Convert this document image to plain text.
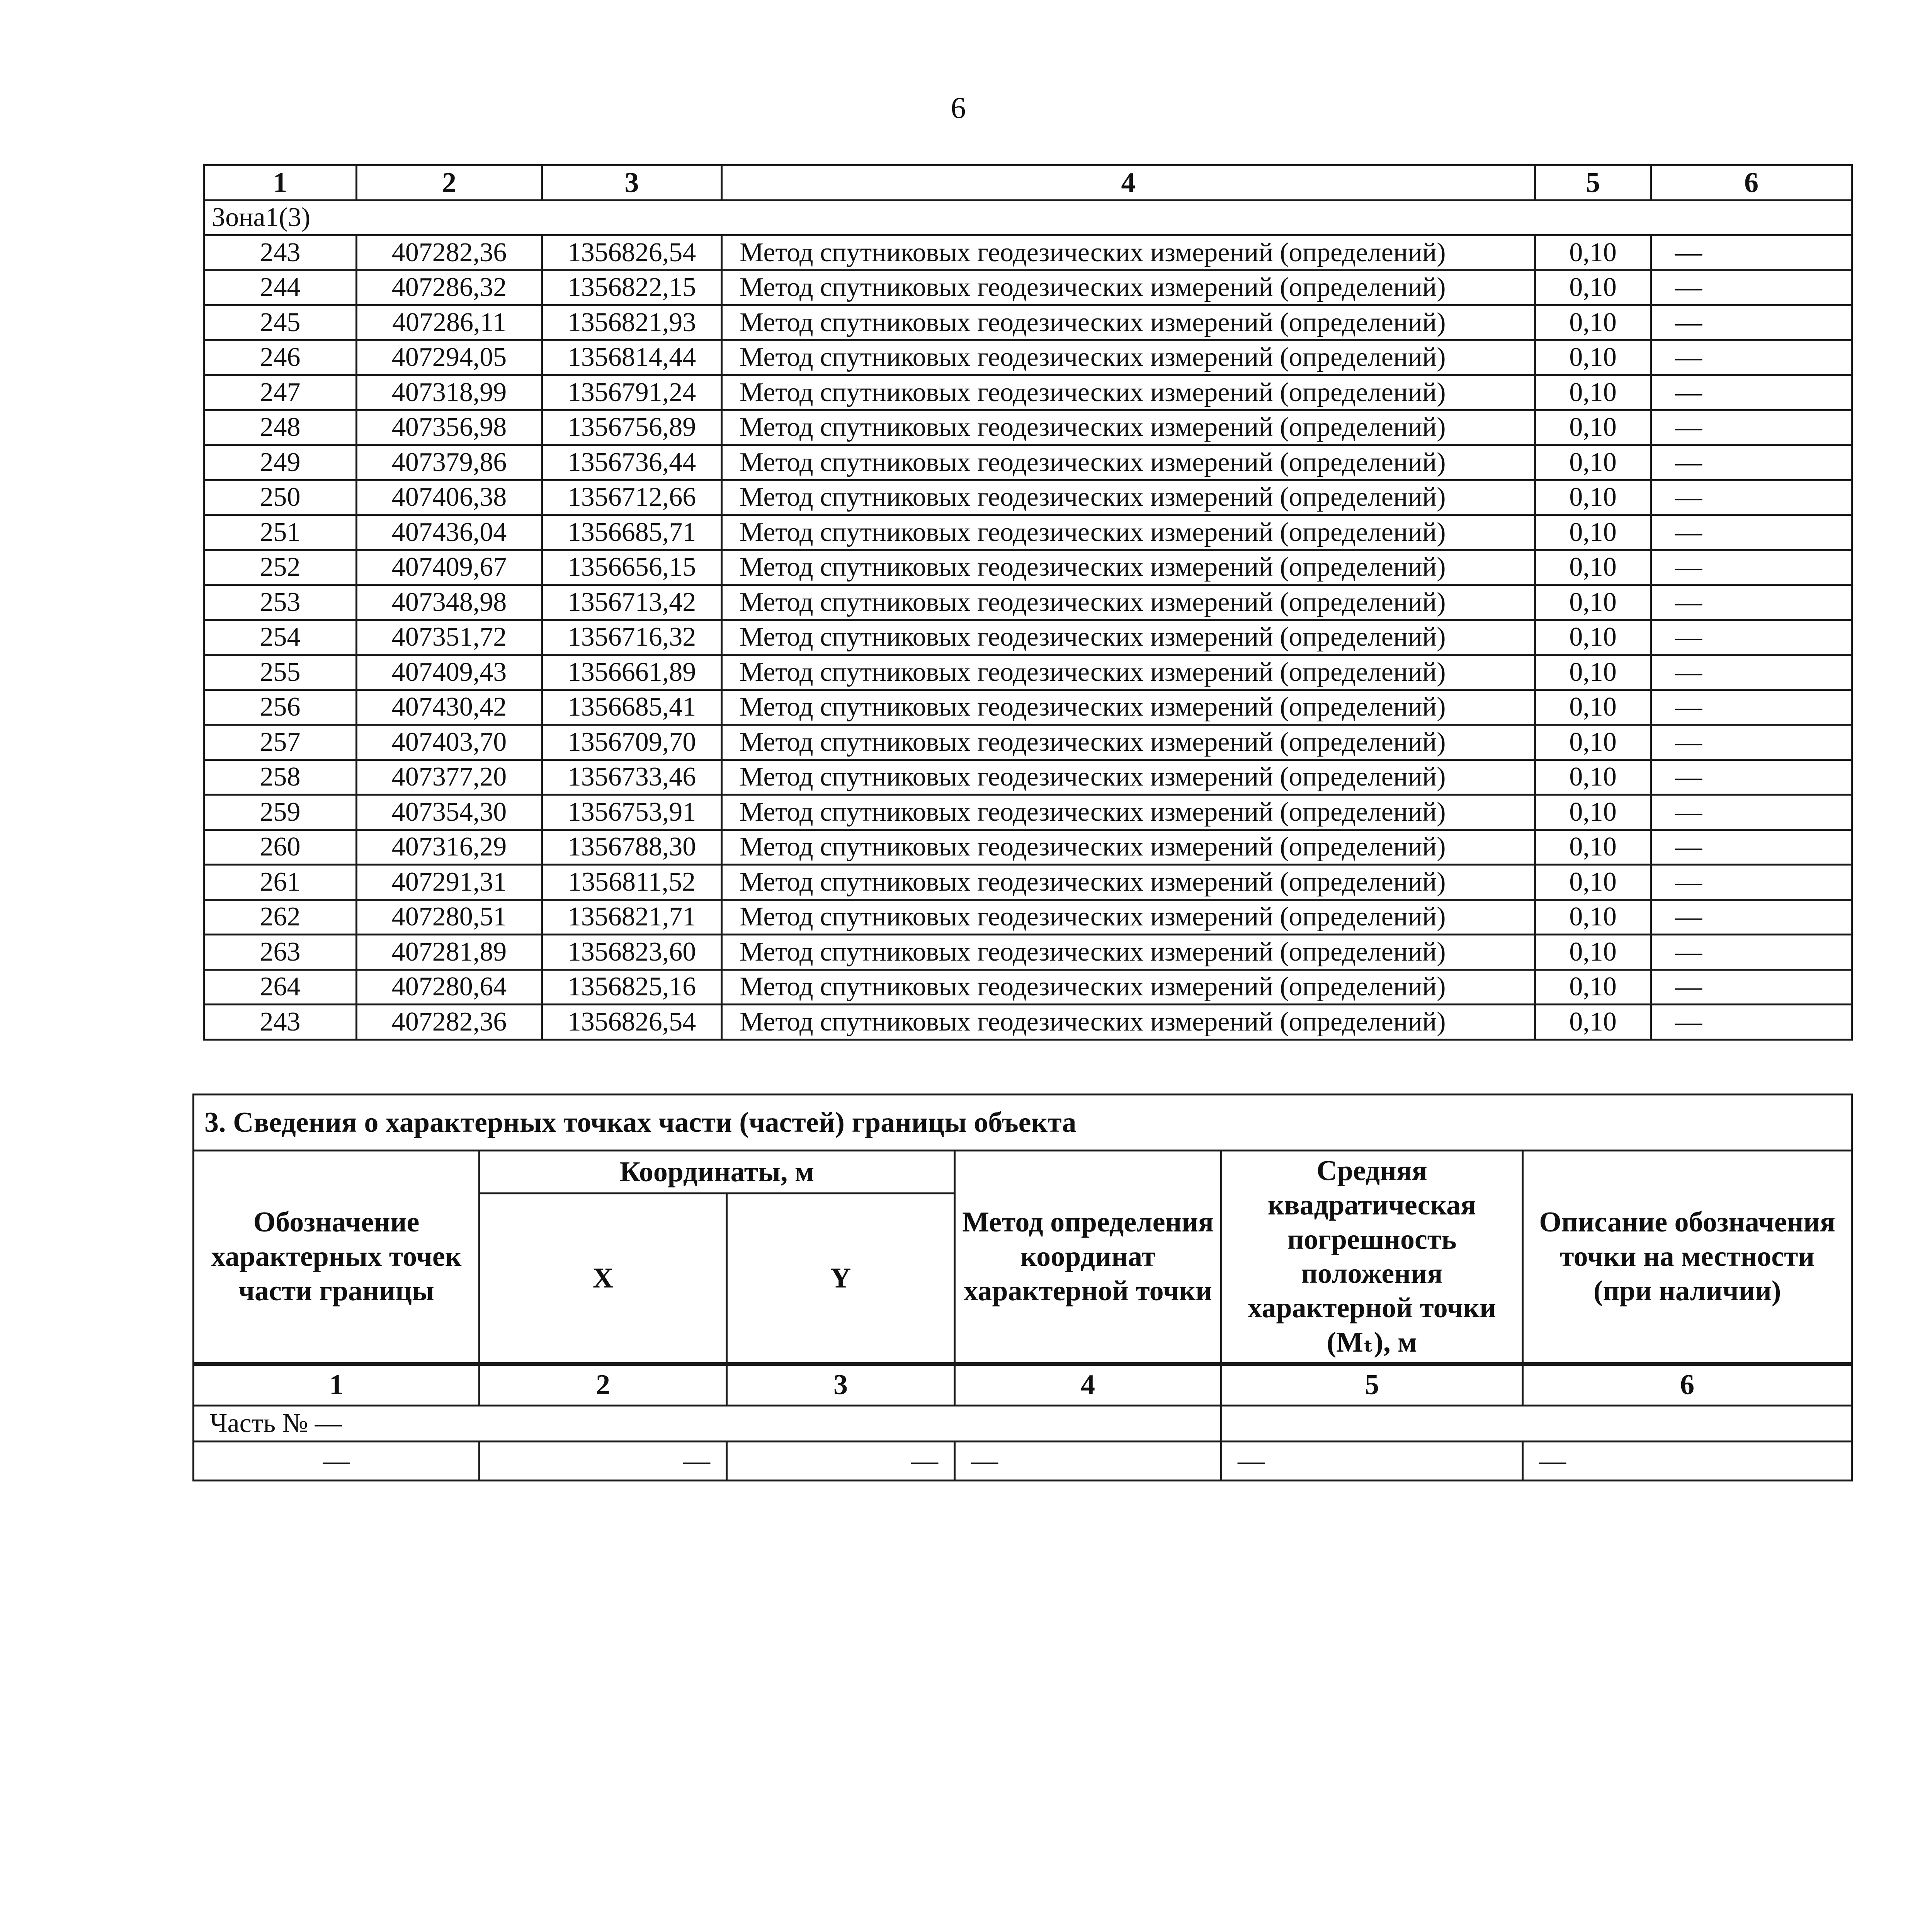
6
1	2	3	4	5	6
Зона1(3)					
243	407282,36	1356826,54	Метод спутниковых геодезических измерений (определений)	0,10	—
244	407286,32	1356822,15	Метод спутниковых геодезических измерений (определений)	0,10	—
245	407286,11	1356821,93	Метод спутниковых геодезических измерений (определений)	0,10	—
246	407294,05	1356814,44	Метод спутниковых геодезических измерений (определений)	0,10	—
247	407318,99	1356791,24	Метод спутниковых геодезических измерений (определений)	0,10	—
248	407356,98	1356756,89	Метод спутниковых геодезических измерений (определений)	0,10	—
249	407379,86	1356736,44	Метод спутниковых геодезических измерений (определений)	0,10	—
250	407406,38	1356712,66	Метод спутниковых геодезических измерений (определений)	0,10	—
251	407436,04	1356685,71	Метод спутниковых геодезических измерений (определений)	0,10	—
252	407409,67	1356656,15	Метод спутниковых геодезических измерений (определений)	0,10	—
253	407348,98	1356713,42	Метод спутниковых геодезических измерений (определений)	0,10	—
254	407351,72	1356716,32	Метод спутниковых геодезических измерений (определений)	0,10	—
255	407409,43	1356661,89	Метод спутниковых геодезических измерений (определений)	0,10	—
256	407430,42	1356685,41	Метод спутниковых геодезических измерений (определений)	0,10	—
257	407403,70	1356709,70	Метод спутниковых геодезических измерений (определений)	0,10	—
258	407377,20	1356733,46	Метод спутниковых геодезических измерений (определений)	0,10	—
259	407354,30	1356753,91	Метод спутниковых геодезических измерений (определений)	0,10	—
260	407316,29	1356788,30	Метод спутниковых геодезических измерений (определений)	0,10	—
261	407291,31	1356811,52	Метод спутниковых геодезических измерений (определений)	0,10	—
262	407280,51	1356821,71	Метод спутниковых геодезических измерений (определений)	0,10	—
263	407281,89	1356823,60	Метод спутниковых геодезических измерений (определений)	0,10	—
264	407280,64	1356825,16	Метод спутниковых геодезических измерений (определений)	0,10	—
243	407282,36	1356826,54	Метод спутниковых геодезических измерений (определений)	0,10	—
3. Сведения о характерных точках части (частей) границы объекта					
Обозначение характерных точек части границы	Координаты, м		Метод определения координат характерной точки	Средняя квадратическая погрешность положения характерной точки (Mₜ), м	Описание обозначения точки на местности (при наличии)
	X	Y			
1	2	3	4	5	6
Часть № —					
—	—	—	—	—	—
